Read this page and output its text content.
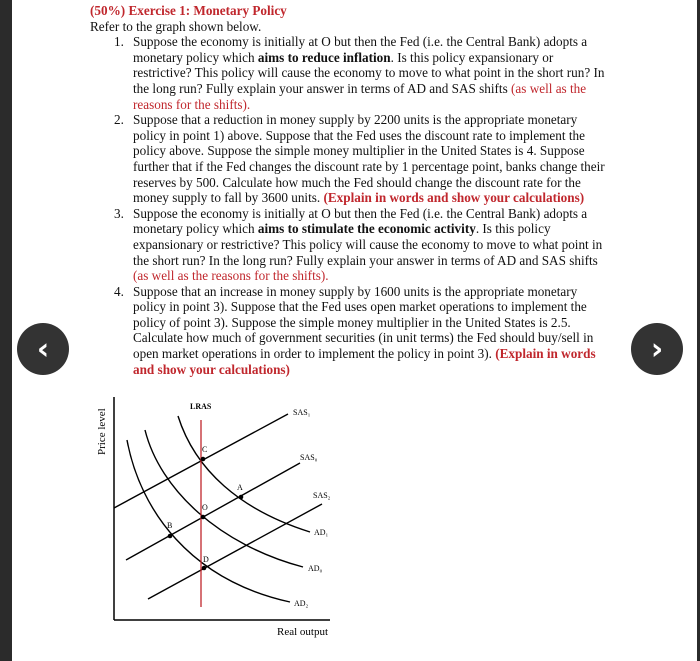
(50%) Exercise 1: Monetary Policy
Refer to the graph shown below.
1. Suppose the economy is initially at O but then the Fed (i.e. the Central Bank) adopts a
monetary policy which aims to reduce inflation. Is this policy expansionary or
restrictive? This policy will cause the economy to move to what point in the short run? In
the long run? Fully explain your answer in terms of AD and SAS shifts (as well as the
reasons for the shifts).
2. Suppose that a reduction in money supply by 2200 units is the appropriate monetary
policy in point 1) above. Suppose that the Fed uses the discount rate to implement the
policy above. Suppose the simple money multiplier in the United States is 4. Suppose
further that if the Fed changes the discount rate by 1 percentage point, banks change their
reserves by 500. Calculate how much the Fed should change the discount rate for the
money supply to fall by 3600 units. (Explain in words and show your calculations)
3. Suppose the economy is initially at O but then the Fed (i.e. the Central Bank) adopts a
monetary policy which aims to stimulate the economic activity. Is this policy
expansionary or restrictive? This policy will cause the economy to move to what point in
the short run? In the long run? Fully explain your answer in terms of AD and SAS shifts
(as well as the reasons for the shifts).
4. Suppose that an increase in money supply by 1600 units is the appropriate monetary
policy in point 3). Suppose that the Fed uses open market operations to implement the
policy of point 3). Suppose the simple money multiplier in the United States is 2.5.
Calculate how much of government securities (in unit terms) the Fed should buy/sell in
open market operations in order to implement the policy in point 3). (Explain in words
and show your calculations)
‹	›
Price level
Real output
LRAS
SAS₁
SAS₀
SAS₂
AD₁
AD₀
AD₂
C
A
O
B
D
